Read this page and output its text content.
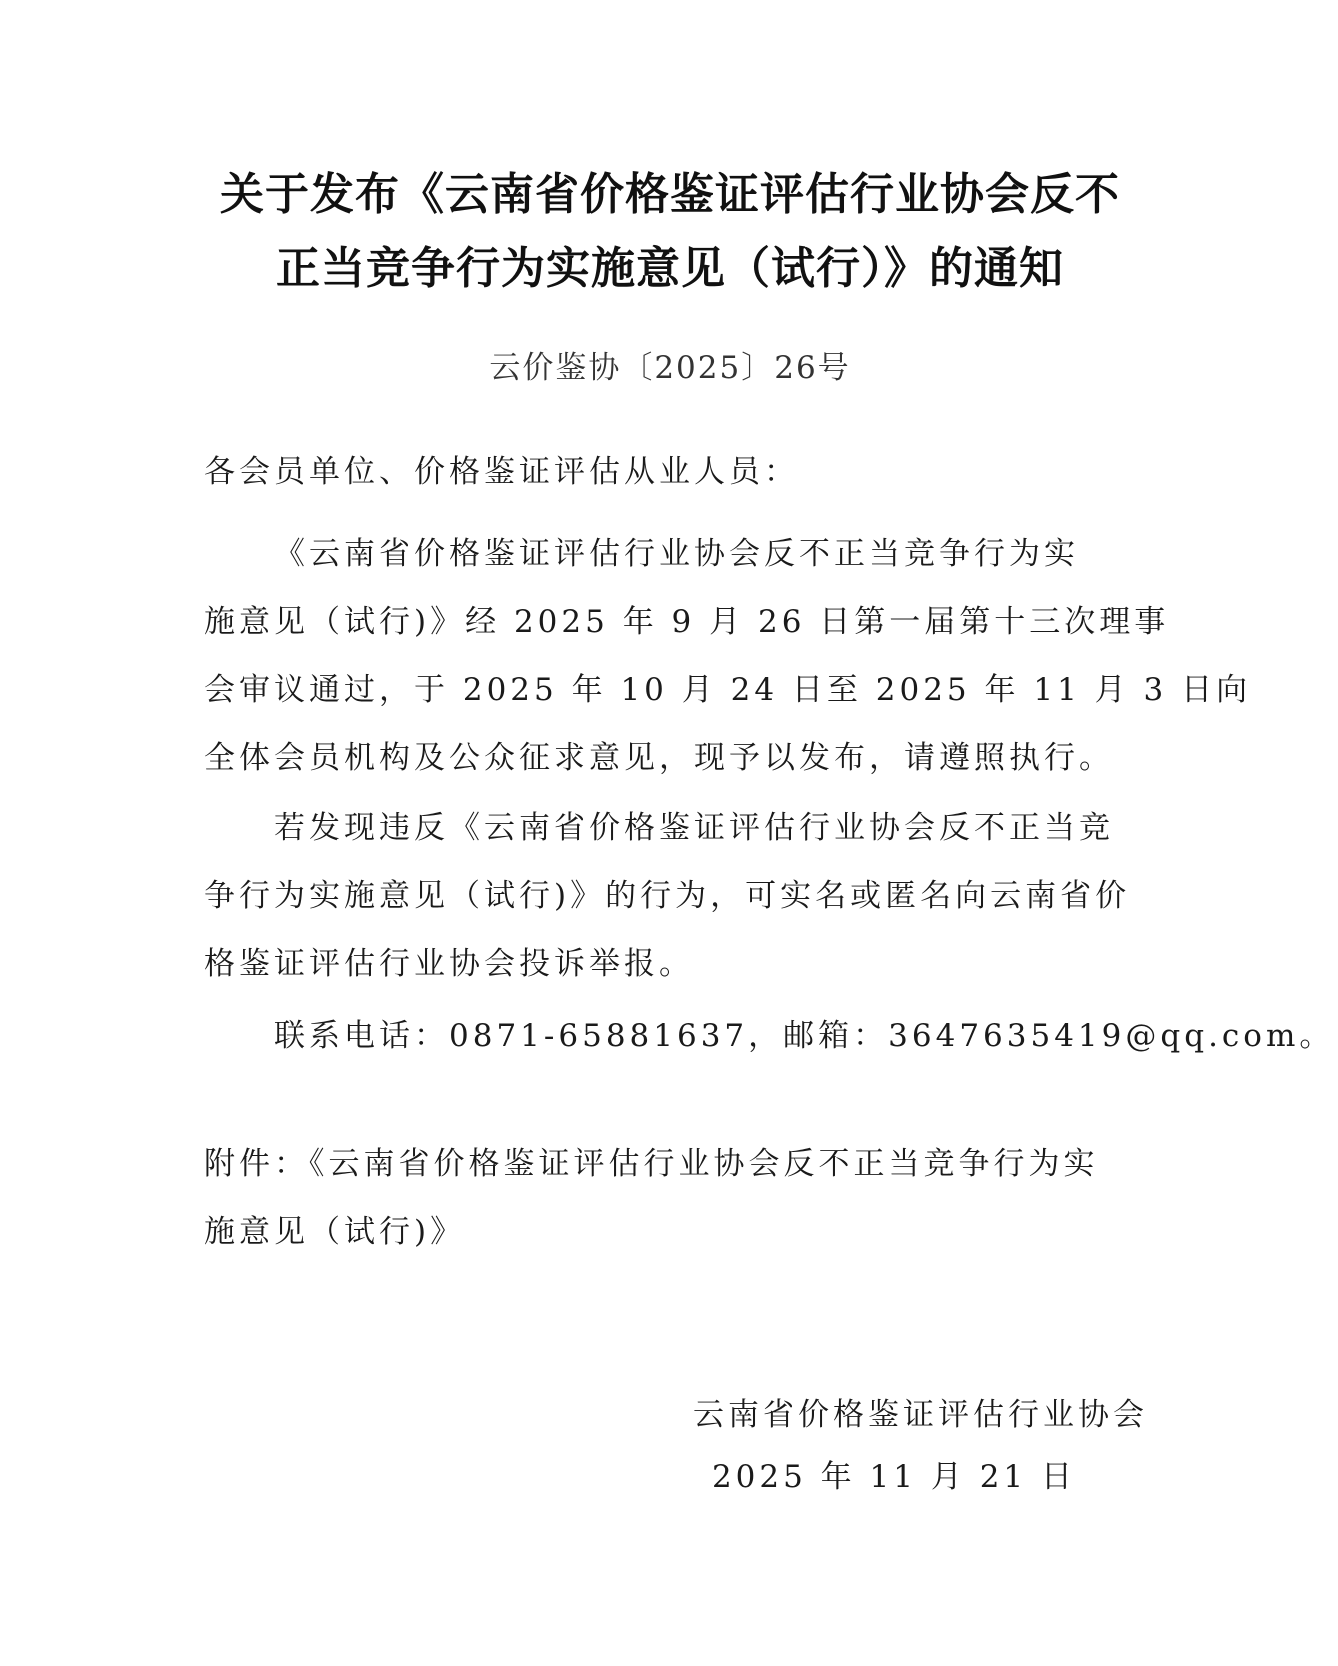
关于发布《云南省价格鉴证评估行业协会反不
正当竞争行为实施意见（试行）》的通知
云价鉴协〔2025〕26号
各会员单位、价格鉴证评估从业人员：
《云南省价格鉴证评估行业协会反不正当竞争行为实
施意见（试行)》经 2025 年 9 月 26 日第一届第十三次理事
会审议通过，于 2025 年 10 月 24 日至 2025 年 11 月 3 日向
全体会员机构及公众征求意见，现予以发布，请遵照执行。
若发现违反《云南省价格鉴证评估行业协会反不正当竞
争行为实施意见（试行)》的行为，可实名或匿名向云南省价
格鉴证评估行业协会投诉举报。
联系电话：0871-65881637，邮箱：3647635419@qq.com。
附件：《云南省价格鉴证评估行业协会反不正当竞争行为实
施意见（试行)》
云南省价格鉴证评估行业协会
2025 年 11 月 21 日
